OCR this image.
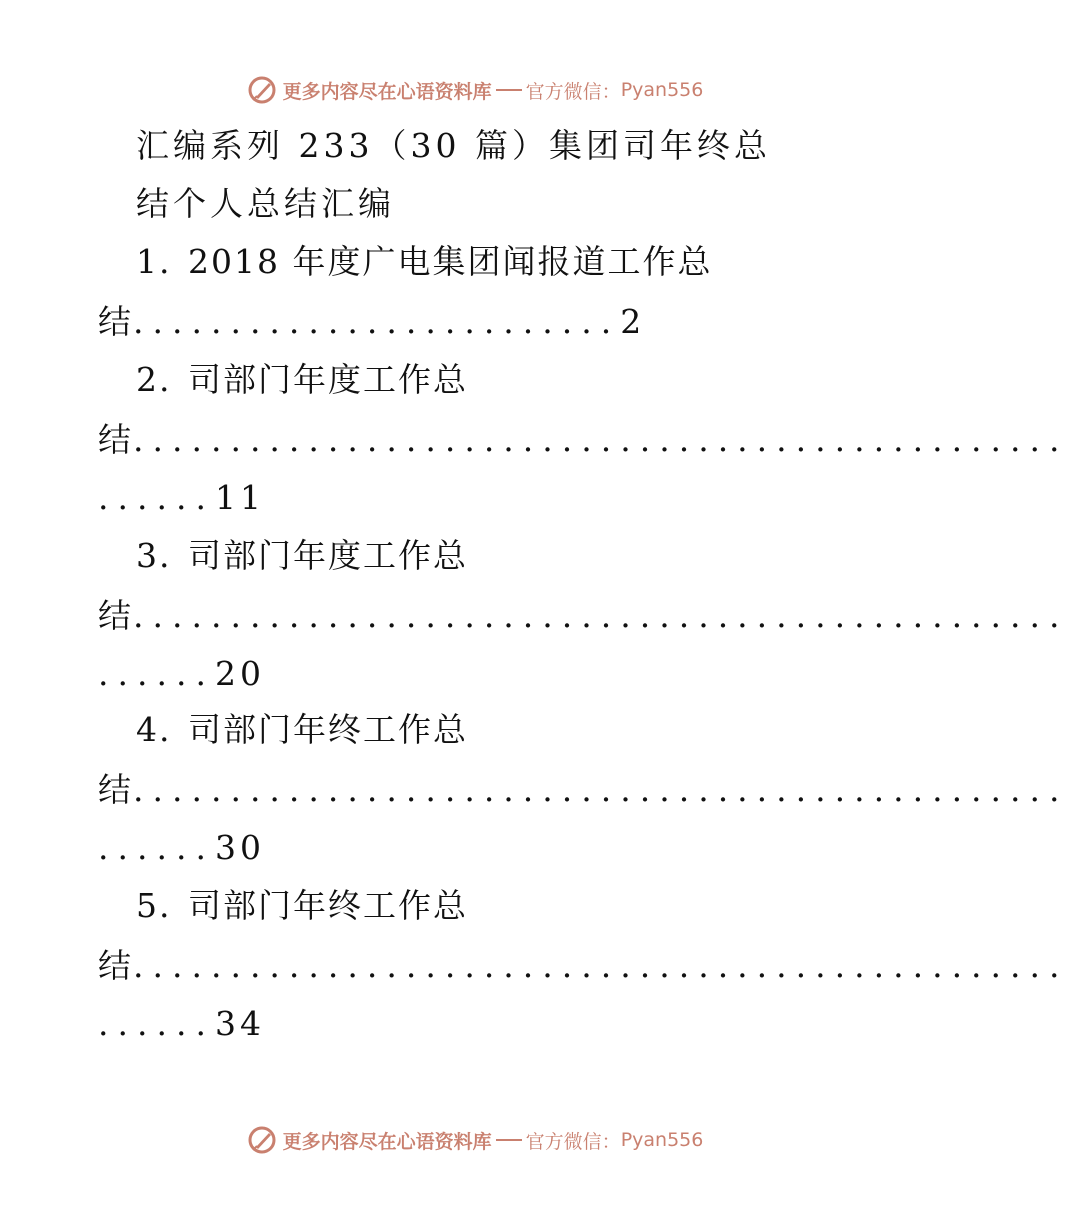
更多内容尽在心语资料库 官方微信： Pyan556
汇编系列 233（30 篇）集团司年终总
结个人总结汇编
1. 2018 年度广电集团闻报道工作总
结.........................2
2. 司部门年度工作总
结................................................
......11
3. 司部门年度工作总
结................................................
......20
4. 司部门年终工作总
结................................................
......30
5. 司部门年终工作总
结................................................
......34
更多内容尽在心语资料库 官方微信： Pyan556
